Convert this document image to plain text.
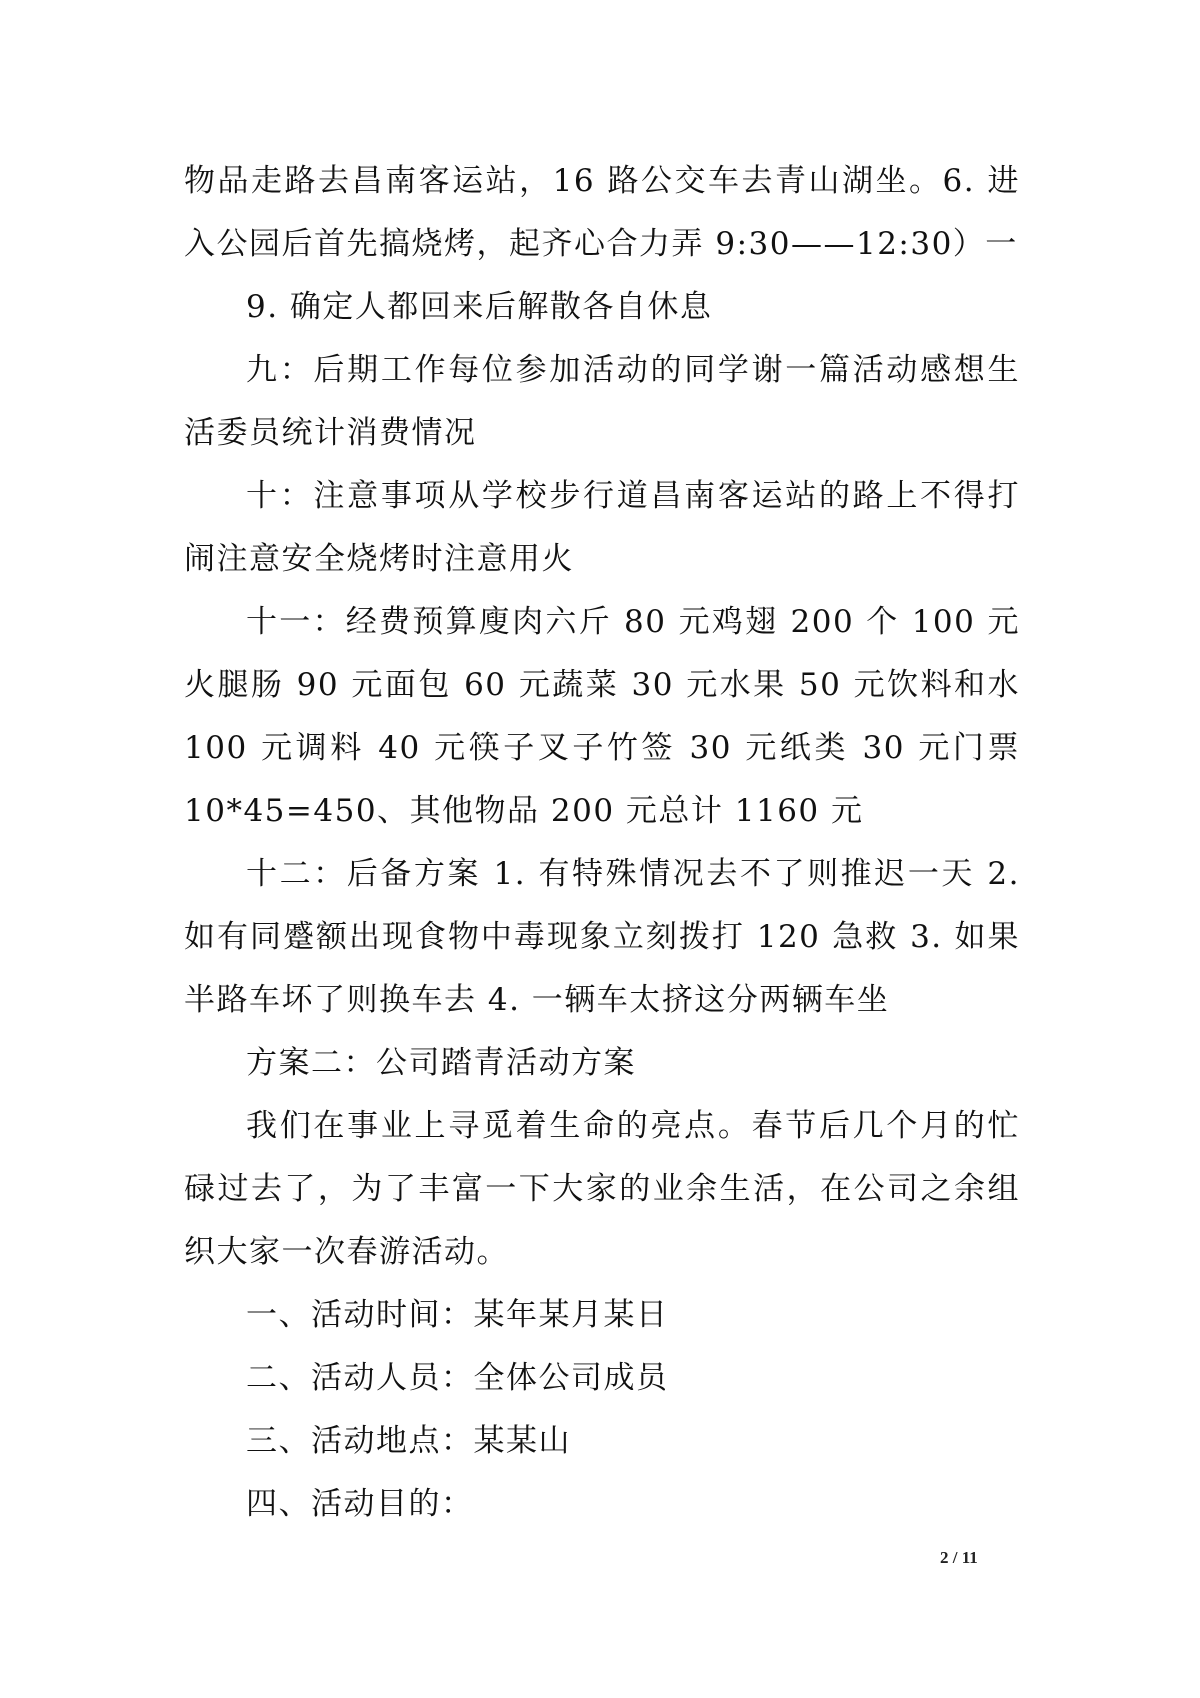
物品走路去昌南客运站，16 路公交车去青山湖坐。6. 进入公园后首先搞烧烤，起齐心合力弄 9:30——12:30）一

9. 确定人都回来后解散各自休息

九：后期工作每位参加活动的同学谢一篇活动感想生活委员统计消费情况

十：注意事项从学校步行道昌南客运站的路上不得打闹注意安全烧烤时注意用火

十一：经费预算廋肉六斤 80 元鸡翅 200 个 100 元火腿肠 90 元面包 60 元蔬菜 30 元水果 50 元饮料和水 100 元调料 40 元筷子叉子竹签 30 元纸类 30 元门票 10*45=450、其他物品 200 元总计 1160 元

十二：后备方案 1. 有特殊情况去不了则推迟一天 2. 如有同蹙额出现食物中毒现象立刻拨打 120 急救 3. 如果半路车坏了则换车去 4. 一辆车太挤这分两辆车坐

方案二：公司踏青活动方案

我们在事业上寻觅着生命的亮点。春节后几个月的忙碌过去了，为了丰富一下大家的业余生活，在公司之余组织大家一次春游活动。

一、活动时间：某年某月某日

二、活动人员：全体公司成员

三、活动地点：某某山

四、活动目的：

2 / 11
